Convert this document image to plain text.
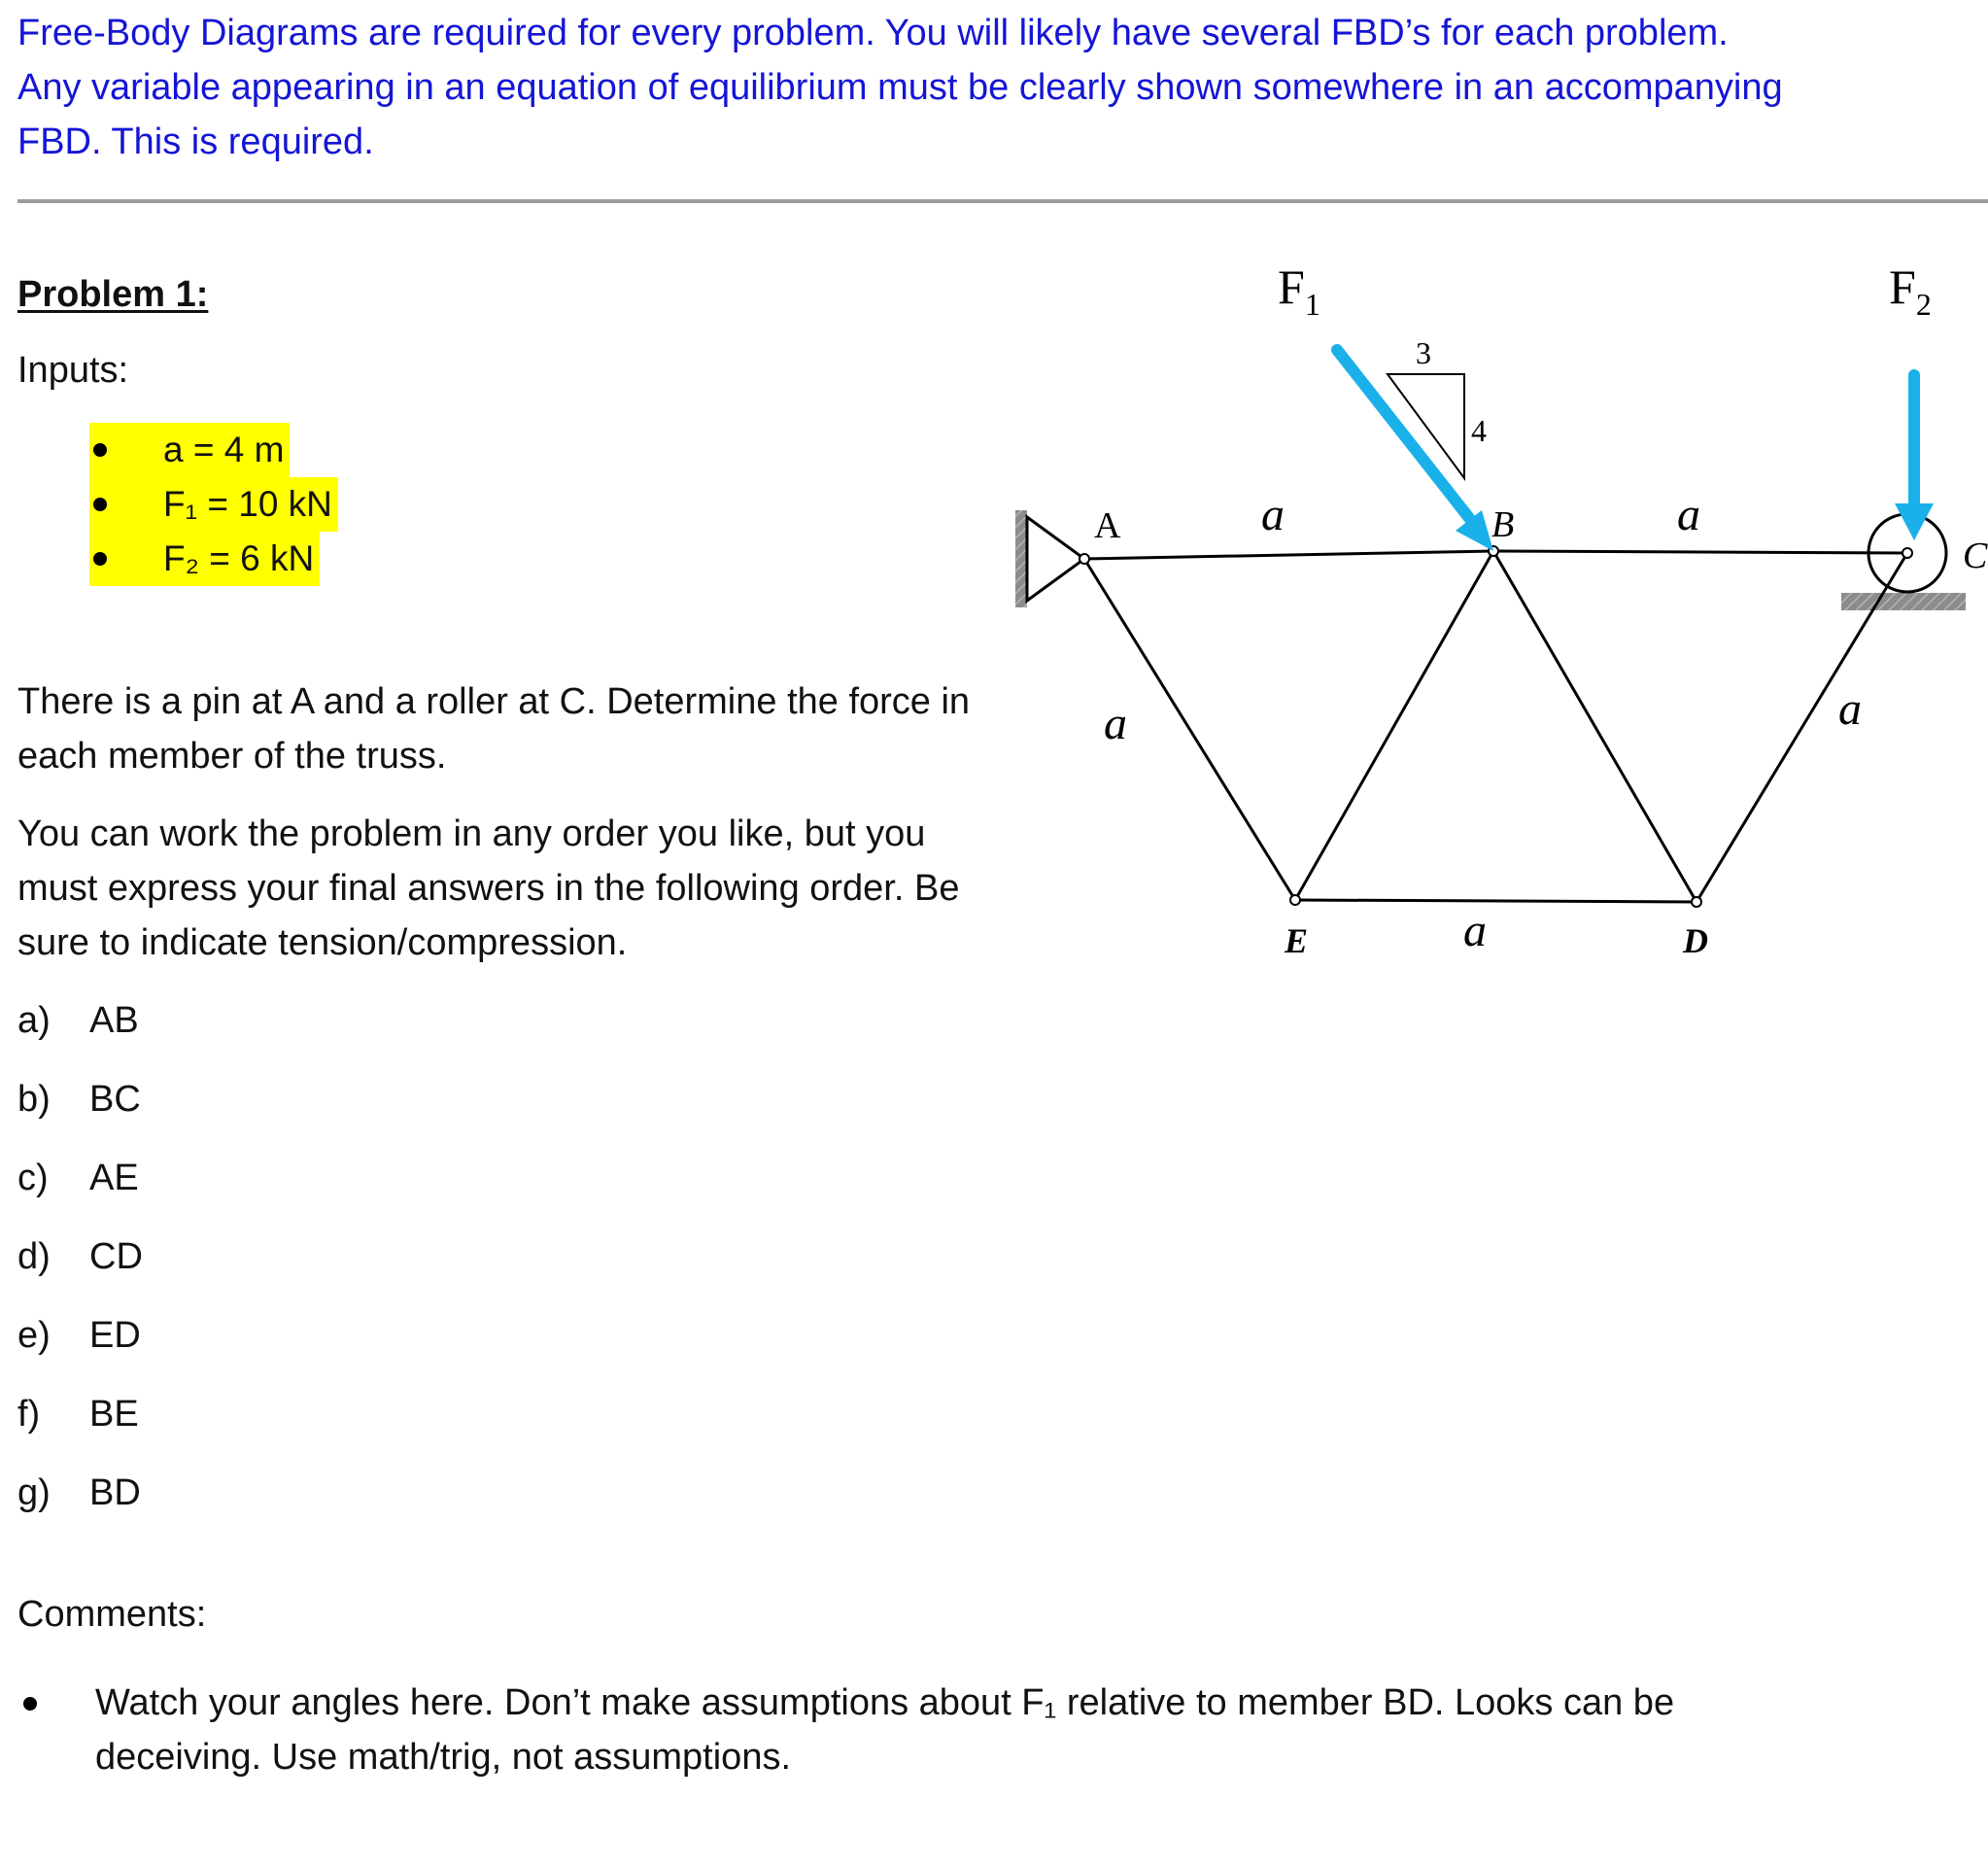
Free-Body Diagrams are required for every problem. You will likely have several FBD’s for each problem.

Any variable appearing in an equation of equilibrium must be clearly shown somewhere in an accompanying

FBD. This is required.

Problem 1:

Inputs:

a = 4 m
F₁ = 10 kN
F₂ = 6 kN

There is a pin at A and a roller at C. Determine the force in each member of the truss.

You can work the problem in any order you like, but you must express your final answers in the following order. Be sure to indicate tension/compression.

a)	AB
b)	BC
c)	AE
d)	CD
e)	ED
f)	BE
g)	BD

Comments:

Watch your angles here. Don’t make assumptions about F₁ relative to member BD. Looks can be deceiving. Use math/trig, not assumptions.
3
4
$F_1$	$F_2$
A	B
C
E	D
a	a
a	a
a
